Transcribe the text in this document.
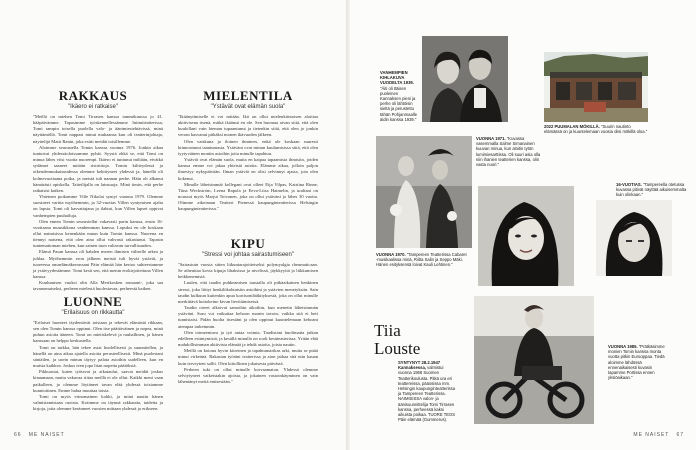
RAKKAUS
"Ikäero ei ratkaise"

"Meillä on miehen Tomi Tirrasen kanssa tammikuussa jo 41. hääpäivämme. Tapasimme työskennellessämme Intimiteatterissa, Tomi rampin toisella puolella valo- ja äänimiestehtävissä, minä näyttämöllä. Tomi nappasi minut mukaansa kun oli teatterinjohtaja, näyttelijä Matti Ranin, joka esitti meidät toisillemme.

Aloimme seurustella Tomin kanssa vuonna 1976. Jonkin aikaa tuntuivat yhdessäoloissamme pyhät. Syystä ehkä se, että Tomi on minua lähes viisi vuotta nuorempi. Ikäero ei tuntunut miltään, eivätkä sydämet saaneet mitään ristiriitoja. Tomin kiltteydessä ja oikeudenmukaisuudessa olemme kehittyneet yhdessä ja, hänellä oli kolmevuotiaana poika, ja meistä tuli nannan perhe. Häin oli alkanut hämärästi opiskella. Taiteilijalla on lainsuoja. Minä tiesin, että perhe ratkaisisi kaiken.

Yhteinen poikamme Ville Nikolai syntyi vuonna 1979. Olemme suosineet varttia myöhemmin, ja 32-vuotias Villen syntymisen ajalta on lapsia. Tomi oli kasvattajana ja ilahtui, kun Villen lapset oppivat vanhempien puuhailuja.

Olen ennen Tomin seurustellut vakavasti parin kanssa, ensin 16-vuotiaana muusikkona vanhemman kanssa. Lopuksi en ole koskaan ollut naimisissa kenenkään muun kuin Tomin kanssa. Nuorena en tiennyt naisena, että olen aina ollut vahvasti rakastunut. Tapasin tuntemattoman miehen, kun sainen tuon valtavan turvallisuuden.

Elämä Pasan kanssa oli kahden meren ihmisen väliselle arkea ja juhlaa. Myöhemmin eron jälkeen meistä tuli hyvät ystävät, ja tuoreessa omaelämäkerrassani Päin elämää hän kertoo suhteestamme ja ystävyydestämme. Tomi kesti sen, että menin erokirjoitettuna Villen kanssa.

Kuulumisen vuoksi olin Alla Merikosken romaani-, joka saa tavanomaiseksi, perheen mielestä huolestavaa, perheestä kaiken.

LUONNE
"Erilaisuus on rikkautta"

"Erilaiset luonteet täydentävät toisiaan ja tekevät elämästä rikkaan, sen olen Tomin kanssa oppinut. Olen itse päättäväinen ja nopea, minä puhun asioita ääneen. Tomi on mietiskelevä ja rauhallinen, ja hänen kanssaan on helppo keskustella.

Tomi on tarkka, hän tekee asiat huolellisesti ja suunnitellen, ja hänellä on aina aikaa ajatella asioita perusteellisesti. Minä puolestani säntäilen, ja usein minun täytyy palata asioihin uudelleen, kun en muista kaikkea. Joskus teen jopa liian nopeita päätöksiä.

Pikkuasiat, kuten työtavat ja aikataulut, saavat meidät joskus kinaamaan, mutta vakavaa riitaa meillä ei ole ollut. Kaikki meni vaan paikalleen, ja olemme löytäneet tavan elää yhdessä toisiamme kunnioittaen. Emme halua muuttaa toista.

Tomi on myös erinomainen kokki, ja minä nautin hänen valmistamistaan ruoista. Kotimme on täynnä rakkautta, taidetta ja kirjoja, joita olemme keränneet vuosien mittaan yhdessä ja erikseen.

MIELENTILA
"Ystävät ovat elämän suola"

"Ikäänyttmiselle ei voi mitään. Ikä on ollut mielenkiintoisen aloittaa aktiivisena itsenä, mitkä ikäänsä en ole. Sen huomaa aivan siitä, että olen kuulollani vain hieman tupaantunut ja tietenkin siitä, että olen jo jonkin verran kasvanut pitkäksi monen ikävuoden jälkeen.

Olen vaiskuna ja iloinen ihminen, enkä ole koskaan suuresti kiinnostunut taantumasta. Ystäväni ovat minun kuulumisissa siitä, että olen tyytyväinen moniin asioihin joita minulle tapahtuu.

Ystävät ovat elämän suola, mutta en kaipaa tapaamisia ihmisiin, joiden kanssa emme voi jakaa yhteisiä asioita. Elämme aikaa, jolloin paljon ilmestyy nykypäivään. Ilman ystäviä en olisi selvinnyt ajasta, jota olen kokenut.

Minulle läheisimmät kollegani ovat olleet Eija Vilpas, Katriina Rinne, Tiina Weckström, Leena Rapola ja Eeva-Liisa Haimelin, ja uraltani on noussut myös Marjut Toivanen, joka on ollut ystäväni jo lähes 30 vuotta. Olimme aikoinaan Teatteri Pienessä kaupunginteatterissa Helsingin kaupunginteatterissa."

KIPU
"Stressi voi johtaa sairastumiseen"

"Sairastuin vuosia sitten liikuntarajoitteiseksi polymyalgia rheumaticaan. Se aiheuttaa kovia kipuja lihaksissa ja nivelissä, jäykkyyttä ja liikkumisen heikkenemistä.

Luulen, että taudin puhkeamisen taustalla oli pitkäaikainen henkinen stressi, joka liittyi henkilökohtaisiin asioihini ja ystävien menetyksiin. Sain taudin kulkuun kuitenkin apua kortisonilääkityksestä, joka on ollut minulle merkittävä hoitokeino kivun lievittämisessä.

Taudin oireet alkoivat samoihin aikoihin, kun menetin läheisimmän ystäväni. Suru voi vaikuttaa kehoon monin tavoin, vaikka sitä ei heti tunnistaisi. Pidän huolta itsestäni ja olen oppinut kuuntelemaan kehoani aiempaa tarkemmin.

Olen toimeentuva ja työ antaa voimia. Taudistani huolimatta jatkan edelleen esiintymistä, ja kesällä minulla on rooli kesäteatterissa. Yritän elää mahdollisimman aktiivista elämää ja tehdä asioita, joista nautin.

Meillä on kotona hyvin kiireinen ja tapahtumarikas arki, mutta se pitää minut virkeänä. Rakastan työtäni teatterissa ja aion jatkaa sitä niin kauan kuin terveyteni sallii. Olen kiitollinen jokaisesta päivästä.

Perheen tuki on ollut minulle korvaamaton. Yhdessä olemme selviytyneet vaikeistakin ajoista, ja jokainen vastoinkäyminen on vain lähentänyt meitä entisestään."

66 ME NAISET
VANHEMPIEN KIHLAKUVA VUODELTA 1939. "Äiti oli Itäisen puoleinen Kannaksen pieni ja perhe oli lähtöisin sieltä ja perustettu tähän Pohjanmaalle äidin kanssa 1939."
2022 PUUMALAN MÖKILLÄ. "Suurin nautinto elämässä on ja kuuntelemaan vuosia olisi mökillä oloa."
VUONNA 1971. "Kuvassa vasemmalla Salme Simanainen kuuvan minua, kun aloitin tytön lumimiesarttissa. Oli suuri asia olla niin ihanien teatterien kanssa, olin vasta nuori."
16-VUOTIAS. "Tampereella otetussa kuvassa pitivät näyttää aikuisemmalta kuin olinkaan."
VUONNA 1970. "Tampereen Teatterissa Cabaret -musikaalissa minä, Riitta Salin ja Seppo Mäki. Hänen esityksensä loivat Kauli Lehtinen."
Tiia
Louste
SYNTYNYT 28.2.1947 Kannaksessa, valmistui vuonna 1968 Suomen Teatterikoulusta. Pitkä ura eri teattereissa, pääosissa mm. Helsingin kaupunginteatterissa ja Tampereen Teatterissa. NAIMISISSA valon- ja äänisuunnittelija Tomi Tirrasen kanssa, perheessä kaksi aikuista poikaa. TUORE TEOS Päin elämää (Gummerus).
VUONNA 1985. "Prätkäsimme monien Tomin kanssa monta vuotta pitkin Eurooppaa. Tiedä aloimme lähdössä ennenaikaisesti kuvasin tapamme Portissa ennen yksiöaikaan."
ME NAISET 67
